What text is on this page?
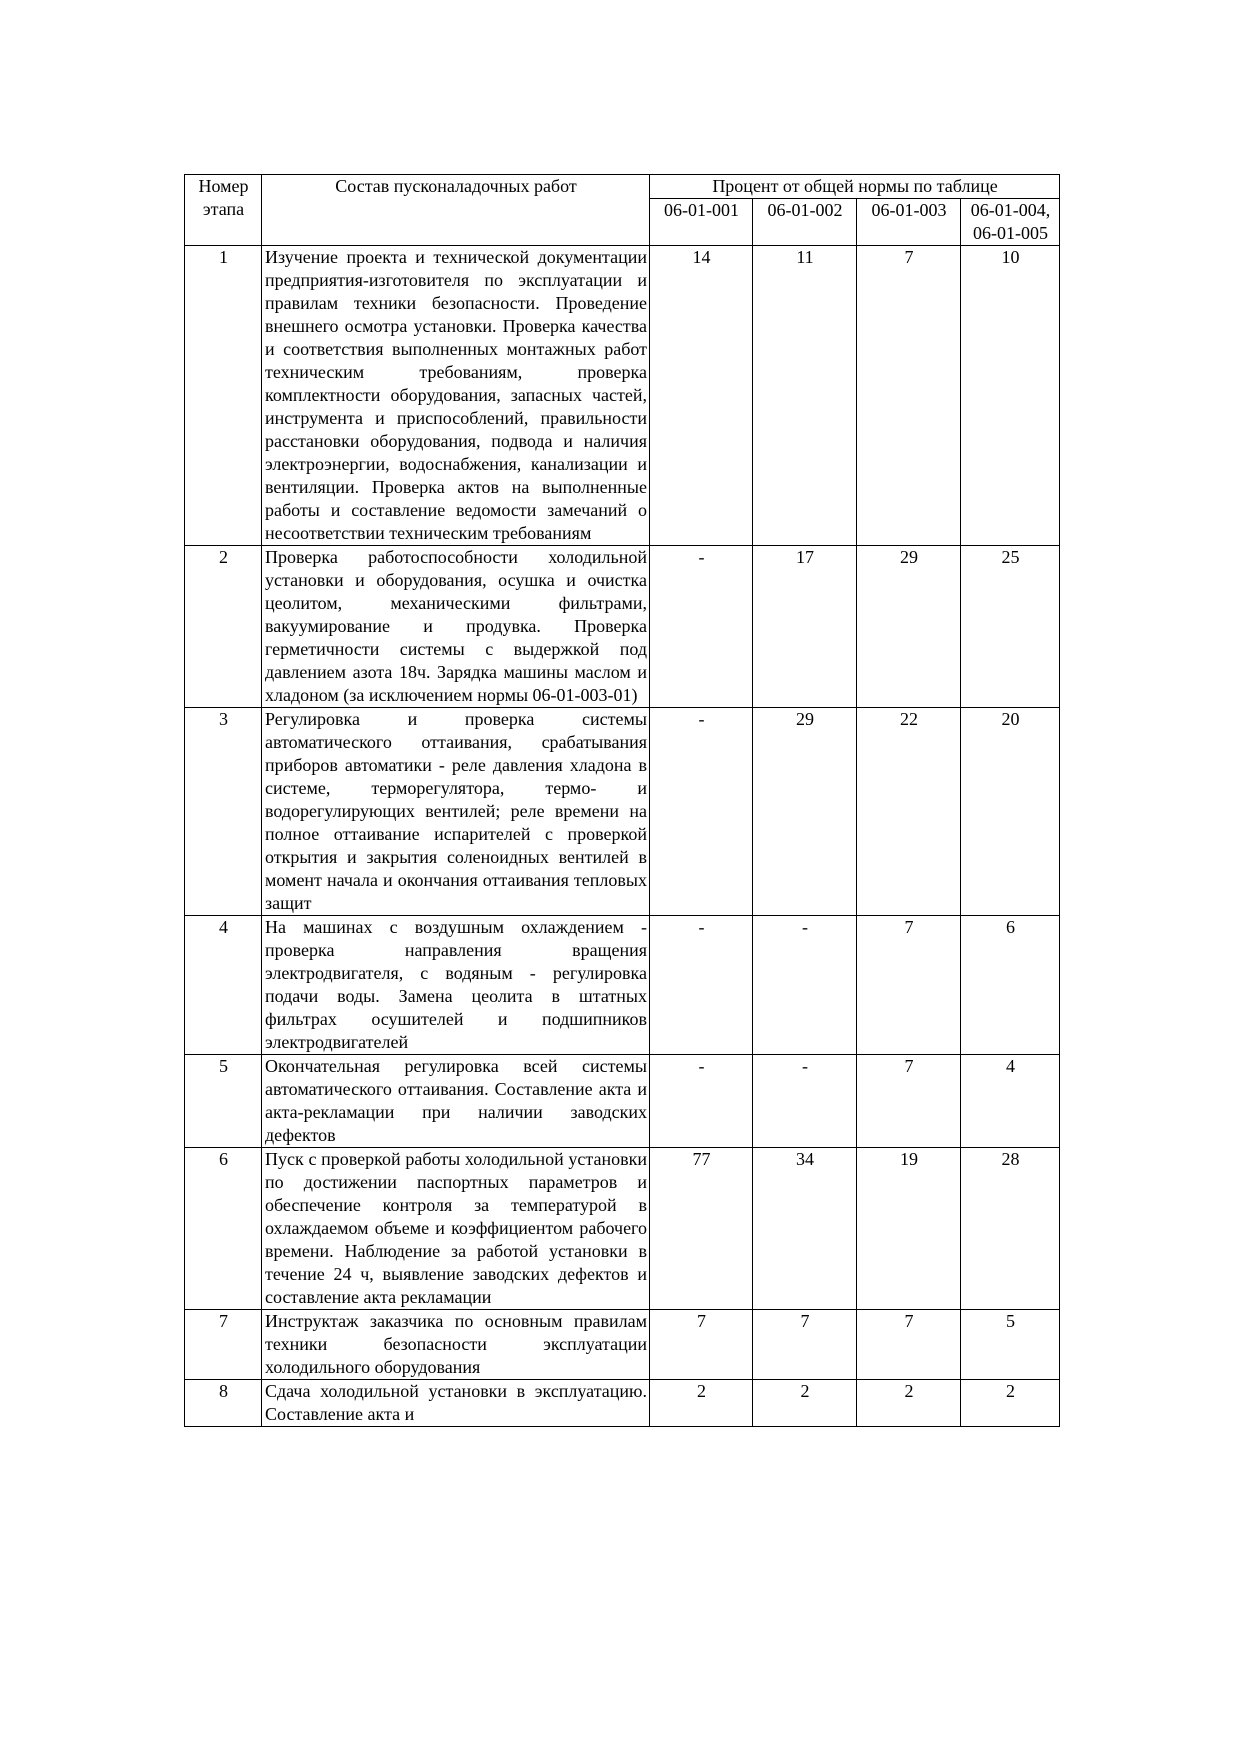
Номер этапа	Состав пусконаладочных работ	Процент от общей нормы по таблице			
		06-01-001	06-01-002	06-01-003	06-01-004, 06-01-005
1	Изучение проекта и технической документации предприятия-изготовителя по эксплуатации и правилам техники безопасности. Проведение внешнего осмотра установки. Проверка качества и соответствия выполненных монтажных работ техническим требованиям, проверка комплектности оборудования, запасных частей, инструмента и приспособлений, правильности расстановки оборудования, подвода и наличия электроэнергии, водоснабжения, канализации и вентиляции. Проверка актов на выполненные работы и составление ведомости замечаний о несоответствии техническим требованиям	14	11	7	10
2	Проверка работоспособности холодильной установки и оборудования, осушка и очистка цеолитом, механическими фильтрами, вакуумирование и продувка. Проверка герметичности системы с выдержкой под давлением азота 18ч. Зарядка машины маслом и хладоном (за исключением нормы 06-01-003-01)	-	17	29	25
3	Регулировка и проверка системы автоматического оттаивания, срабатывания приборов автоматики - реле давления хладона в системе, терморегулятора, термо- и водорегулирующих вентилей; реле времени на полное оттаивание испарителей с проверкой открытия и закрытия соленоидных вентилей в момент начала и окончания оттаивания тепловых защит	-	29	22	20
4	На машинах с воздушным охлаждением - проверка направления вращения электродвигателя, с водяным - регулировка подачи воды. Замена цеолита в штатных фильтрах осушителей и подшипников электродвигателей	-	-	7	6
5	Окончательная регулировка всей системы автоматического оттаивания. Составление акта и акта-рекламации при наличии заводских дефектов	-	-	7	4
6	Пуск с проверкой работы холодильной установки по достижении паспортных параметров и обеспечение контроля за температурой в охлаждаемом объеме и коэффициентом рабочего времени. Наблюдение за работой установки в течение 24 ч, выявление заводских дефектов и составление акта рекламации	77	34	19	28
7	Инструктаж заказчика по основным правилам техники безопасности эксплуатации холодильного оборудования	7	7	7	5
8	Сдача холодильной установки в эксплуатацию. Составление акта и	2	2	2	2
